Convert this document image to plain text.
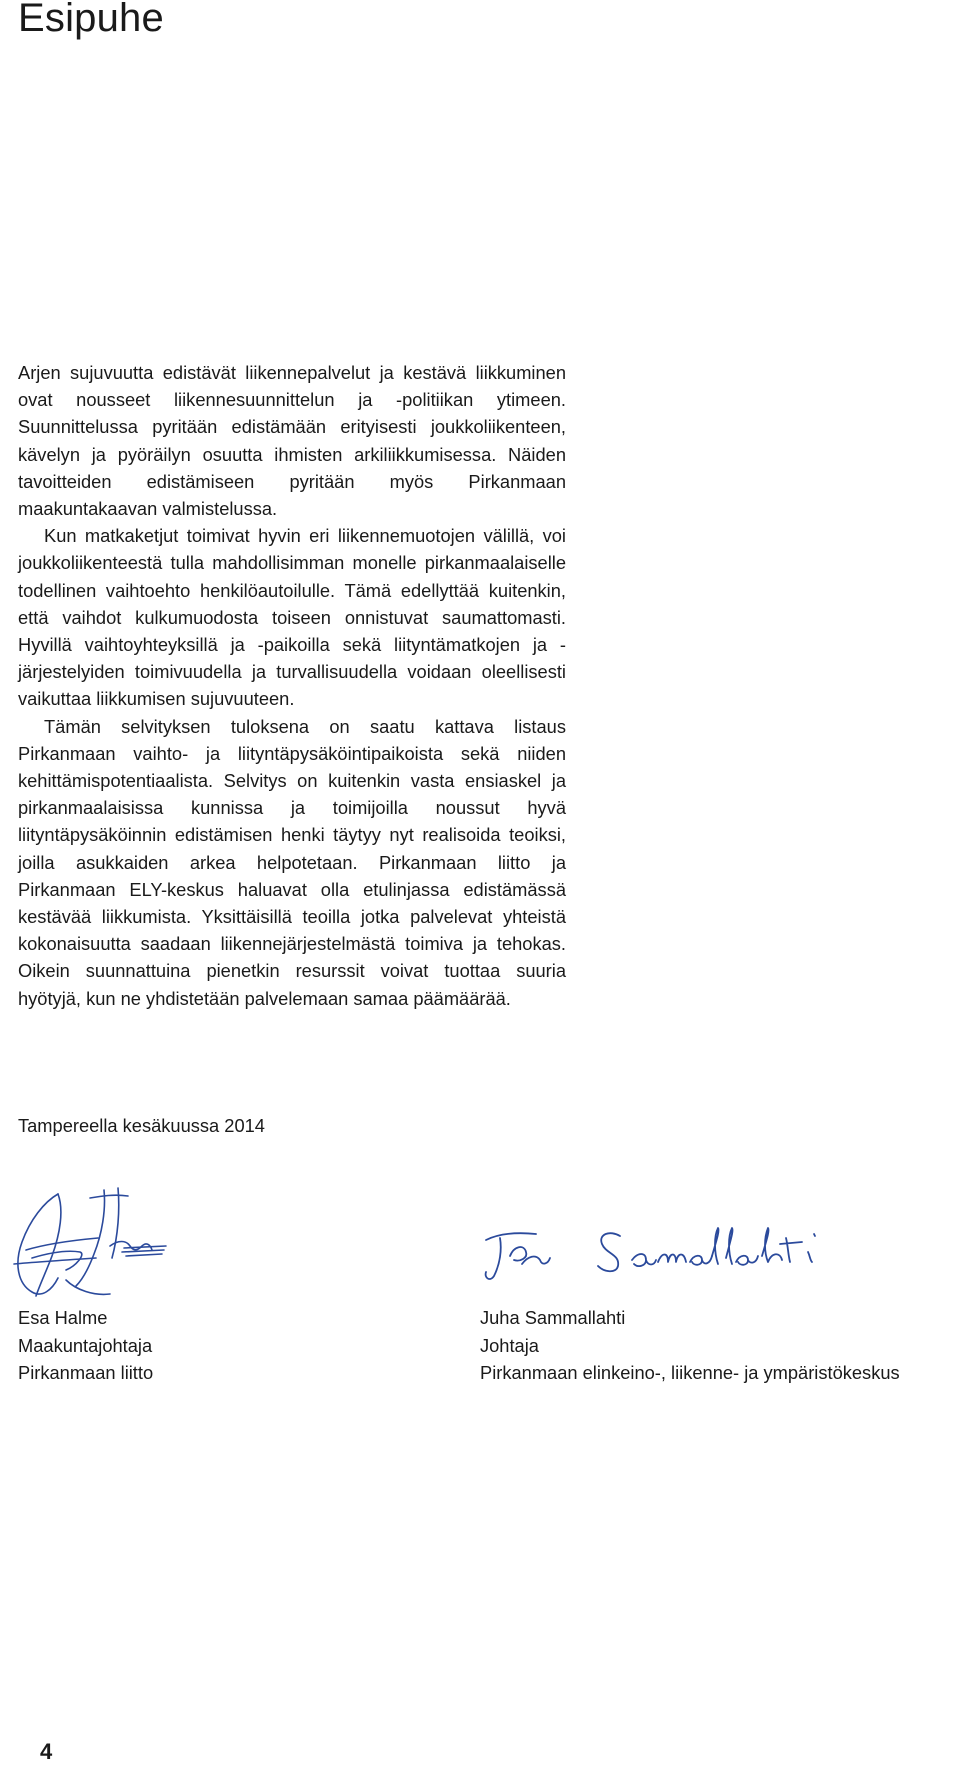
Esipuhe

Arjen sujuvuutta edistävät liikennepalvelut ja kestävä liikkuminen ovat nousseet liikennesuunnittelun ja -politiikan ytimeen. Suunnittelussa pyritään edistämään erityisesti joukkoliikenteen, kävelyn ja pyöräilyn osuutta ihmisten arkiliikkumisessa. Näiden tavoitteiden edistämiseen pyritään myös Pirkanmaan maakuntakaavan valmistelussa.

Kun matkaketjut toimivat hyvin eri liikennemuotojen välillä, voi joukkoliikenteestä tulla mahdollisimman monelle pirkanmaalaiselle todellinen vaihtoehto henkilöautoilulle. Tämä edellyttää kuitenkin, että vaihdot kulkumuodosta toiseen onnistuvat saumattomasti. Hyvillä vaihtoyhteyksillä ja -paikoilla sekä liityntämatkojen ja -järjestelyiden toimivuudella ja turvallisuudella voidaan oleellisesti vaikuttaa liikkumisen sujuvuuteen.

Tämän selvityksen tuloksena on saatu kattava listaus Pirkanmaan vaihto- ja liityntäpysäköintipaikoista sekä niiden kehittämispotentiaalista. Selvitys on kuitenkin vasta ensiaskel ja pirkanmaalaisissa kunnissa ja toimijoilla noussut hyvä liityntäpysäköinnin edistämisen henki täytyy nyt realisoida teoiksi, joilla asukkaiden arkea helpotetaan. Pirkanmaan liitto ja Pirkanmaan ELY-keskus haluavat olla etulinjassa edistämässä kestävää liikkumista. Yksittäisillä teoilla jotka palvelevat yhteistä kokonaisuutta saadaan liikennejärjestelmästä toimiva ja tehokas. Oikein suunnattuina pienetkin resurssit voivat tuottaa suuria hyötyjä, kun ne yhdistetään palvelemaan samaa päämäärää.

Tampereella kesäkuussa 2014
Esa Halme
Maakuntajohtaja
Pirkanmaan liitto
Juha Sammallahti
Johtaja
Pirkanmaan elinkeino-, liikenne- ja ympäristökeskus
4
